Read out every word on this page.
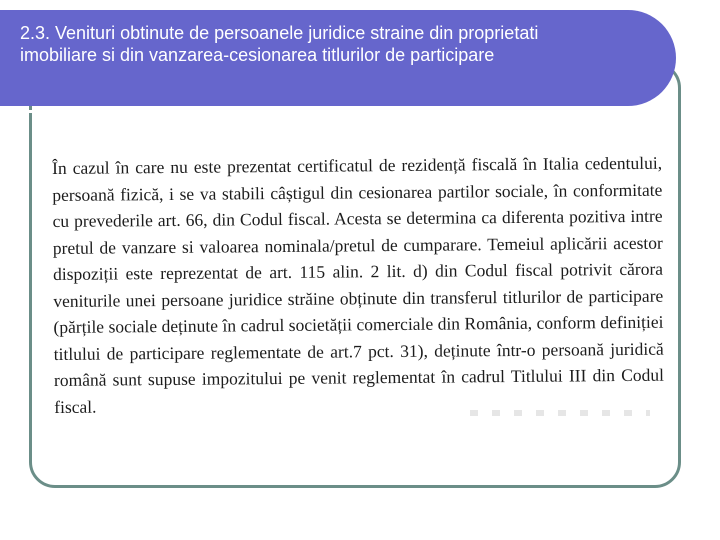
2.3. Venituri obtinute de persoanele juridice straine din proprietati imobiliare si din vanzarea-cesionarea titlurilor de participare

În cazul în care nu este prezentat certificatul de rezidență fiscală în Italia cedentului, persoană fizică, i se va stabili câștigul din cesionarea partilor sociale, în conformitate cu prevederile art. 66, din Codul fiscal. Acesta se determina ca diferenta pozitiva intre pretul de vanzare si valoarea nominala/pretul de cumparare. Temeiul aplicării acestor dispoziții este reprezentat de art. 115 alin. 2 lit. d) din Codul fiscal potrivit cărora veniturile unei persoane juridice străine obținute din transferul titlurilor de participare (părțile sociale deținute în cadrul societății comerciale din România, conform definiției titlului de participare reglementate de art.7 pct. 31), deținute într-o persoană juridică română sunt supuse impozitului pe venit reglementat în cadrul Titlului III din Codul fiscal.
